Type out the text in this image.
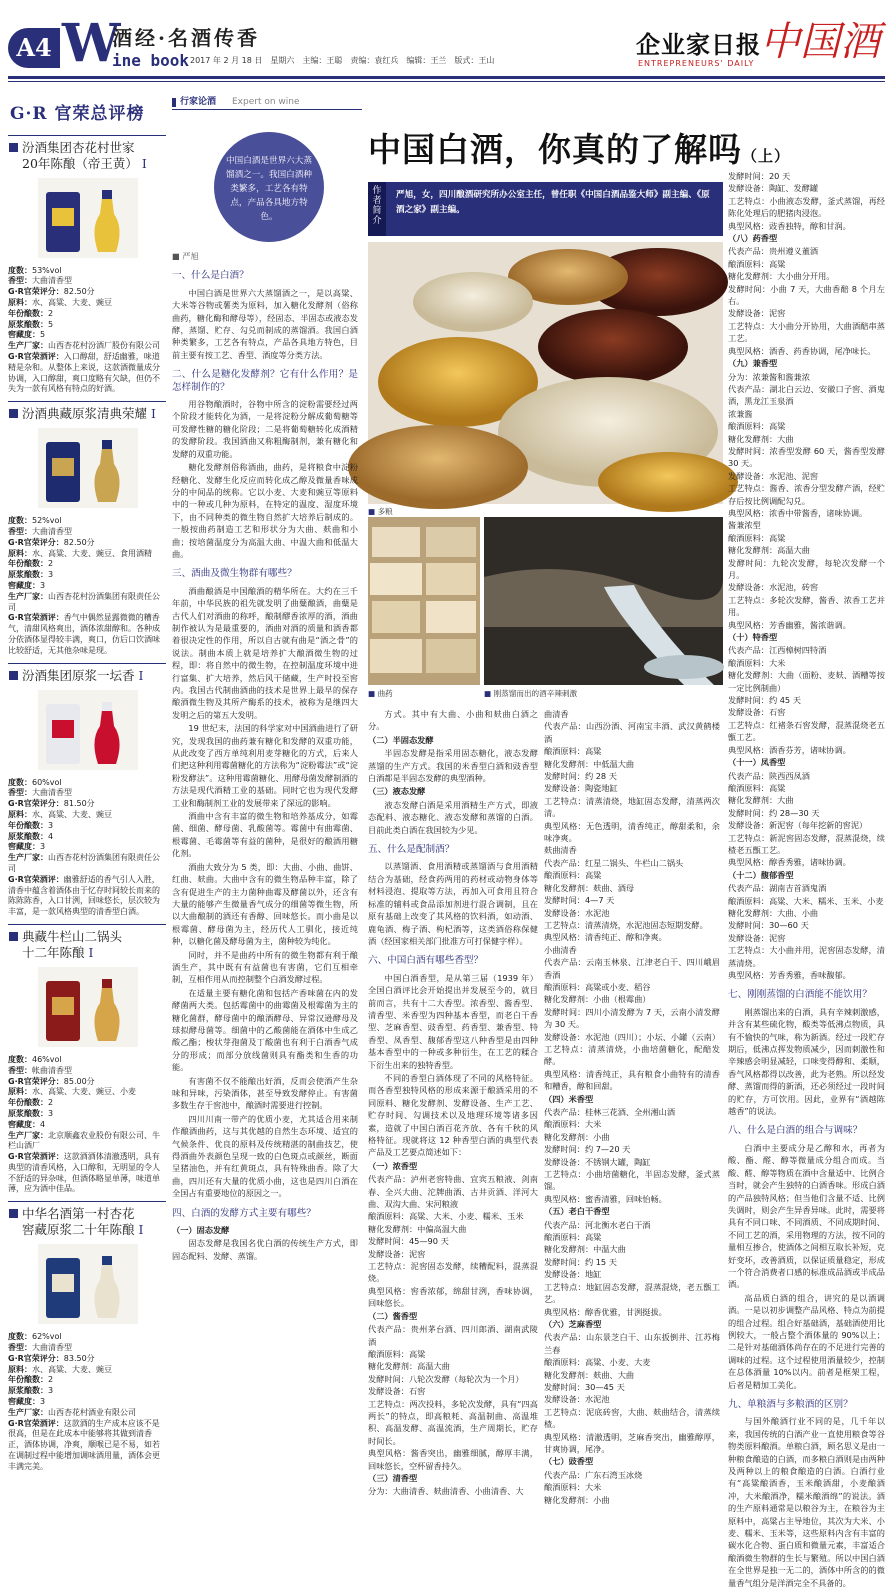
A4 W
酒经·名酒传香
ine book 2017 年 2 月 18 日 星期六 主编：王聪 责编：袁红兵 编辑：王兰 版式：王山
企业家日报
ENTREPRENEURS' DAILY 中国酒
G·R 官荣总评榜
汾酒集团杏花村世家
20年陈酿（帝王黄） I
度数：53%vol
香型：大曲清香型
G·R官荣评分：82.50分
原料：水、高粱、大麦、豌豆
年份酿数：2
原浆酿数：5
窖藏度：5
生产厂家：山西杏花村汾酒厂股份有限公司
G·R官荣酒评：入口醇甜，舒适幽雅，味道精是杂和。从整体上来说，这款酒微量成分协调，入口醇甜，爽口度略有欠缺，但仍不失为一款有风格有特点的好酒。
汾酒典藏原浆清典荣耀 I
度数：52%vol
香型：大曲清香型
G·R官荣评分：82.50分
原料：水、高粱、大麦、豌豆、食用酒精
年份酿数：2
原浆酿数：3
窖藏度：3
生产厂家：山西杏花村汾酒集团有限责任公司
G·R官荣酒评：香气中偶然显露微微的糟香气，清甜风格爽出，酒体浓甜醇和。各种成分依酒体显得较丰满，爽口，仿后口饮酒味比较舒适，无其他杂味是现。
汾酒集团原浆一坛香 I
度数：60%vol
香型：大曲清香型
G·R官荣评分：81.50分
原料：水、高粱、大麦、豌豆
年份酿数：3
原浆酿数：4
窖藏度：3
生产厂家：山西杏花村汾酒集团有限责任公司
G·R官荣酒评：幽雅舒适的香气引人入胜，清香中蕴含着酒体由于忆存时间较长而来的陈陈陈香，入口甘洌，回味悠长，层次较为丰富，是一款风格典型的清香型白酒。
典藏牛栏山二锅头
十二年陈酿 I
度数：46%vol
香型：帐曲清香型
G·R官荣评分：85.00分
原料：水、高粱、大麦、豌豆、小麦
年份酿数：2
原浆酿数：3
窖藏度：4
生产厂家：北京顺鑫农业股份有限公司、牛栏山酒厂
G·R官荣酒评：这款酒酒体清澈透明，具有典型的清香风格，入口醇和，无明显的令人不舒适的异杂味，但酒体略显单薄，味道单薄，应为酒中佳品。
中华名酒第一村杏花
窖藏原浆二十年陈酿 I
度数：62%vol
香型：大曲清香型
G·R官荣评分：83.50分
原料：水、高粱、大麦、豌豆
年份酿数：2
原浆酿数：3
窖藏度：3
生产厂家：山西杏花村酒业有限公司
G·R官荣酒评：这款酒的生产成本应该不是很高，但是在此成本中能够将其做到清香正，酒体协调，净爽，顺喉已是不易，如若在调制过程中能增加调味酒用量，酒体会更丰满完美。
行家论酒 Expert on wine
中国白酒是世界六大蒸馏酒之一。我国白酒种类繁多，工艺各有特点，产品各具地方特色。
中国白酒，你真的了解吗（上）
作者简介
严旭，女，四川酿酒研究所办公室主任，曾任职《中国白酒品鉴大师》副主编、《原酒之家》副主编。
■ 多粮
■ 曲药
■	刚蒸馏而出的酒辛辣刺激

■ 严旭

一、什么是白酒？

中国白酒是世界六大蒸馏酒之一，是以高粱、大米等谷物或薯类为原料，加入糖化发酵剂（俗称曲药，糖化酶和酵母等），经固态、半固态或液态发酵，蒸馏、贮存、勾兑而制成的蒸馏酒。我国白酒种类繁多，工艺各有特点，产品各具地方特色，目前主要有按工艺、香型、酒度等分类方法。

二、什么是糖化发酵剂？它有什么作用？是怎样制作的？

用谷物酿酒时，谷物中所含的淀粉需要经过两个阶段才能转化为酒，一是将淀粉分解成葡萄糖等可发酵性糖的糖化阶段；二是将葡萄糖转化成酒精的发酵阶段。我国酒曲又称粗酶制剂，兼有糖化和发酵的双重功能。

糖化发酵剂俗称酒曲，曲药，是将粮食中淀粉经糖化、发酵生化反应而转化成乙醇及微量香味成分的中间品的统称。它以小麦、大麦和豌豆等原料中的一种或几种为原料，在特定的温度、湿度环境下，由不同种类的微生物自然扩大培养后制成的。一般按曲药制造工艺和形状分为大曲、麸曲和小曲；按培菌温度分为高温大曲、中温大曲和低温大曲。

三、酒曲及微生物群有哪些？

酒曲酿酒是中国酿酒的精华所在。大约在三千年前，中华民族的祖先就发明了曲糵酿酒，曲糵是古代人们对酒曲的称呼，酿制醪香浓厚的酒，酒曲制作被认为是最重要的，酒曲对酒的质量和酒香都着很决定性的作用，所以自古就有曲是“酒之骨”的说法。制曲本质上就是培养扩大酿酒微生物的过程，即：将自然中的微生物，在控制温度环境中进行富集、扩大培养，然后风干储藏，生产时投至窖内。我国古代制曲酒曲的技术是世界上最早的保存酿酒微生物及其所产酶系的技术，被称为是继四大发明之后的第五大发明。

19 世纪末，法国的科学家对中国酒曲进行了研究，发现我国的曲药兼有糖化和发酵的双重功能，从此改变了西方单纯利用麦芽糖化的方式，后来人们把这种利用霉菌糖化的方法称为“淀粉霉法”或“淀粉发酵法”。这种用霉菌糖化、用酵母菌发酵制酒的方法是现代酒精工业的基础。同时它也为现代发酵工业和酶制剂工业的发展带来了深远的影响。

酒曲中含有丰富的微生物和培养基成分，如霉菌、细菌、酵母菌、乳酸菌等。霉菌中有曲霉菌、根霉菌、毛霉菌等有益的菌种，是很好的酿酒用糖化剂。

酒曲大致分为 5 类，即：大曲、小曲、曲饼、红曲、麸曲。大曲中含有的微生物品种丰富，除了含有促进生产的主力菌种曲霉及酵菌以外，还含有大量的能够产生微量香气成分的细菌等微生物，所以大曲酿制的酒还有香醇、回味悠长。而小曲是以根霉菌、酵母菌为主，经历代人工驯化，接近纯种，以糖化菌及酵母菌为主，菌种较为纯化。

同时，并不是曲药中所有的微生物都有利于酿酒生产，其中既有有益菌也有害菌，它们互相牵制，互相作用从而控制整个白酒发酵过程。

在适量主要有糖化菌和包括产香味菌在内的发酵菌两大类。包括霉菌中的曲霉菌及根霉菌为主的糖化菌群，酵母菌中的酿酒酵母、异常汉逊酵母及球拟酵母菌等。细菌中的乙酸菌能在酒体中生成乙酸乙酯；梭状芽孢菌及丁酸菌也有利于白酒香气成分的形成；而部分放线菌则具有酯类和生香的功能。

有害菌不仅不能酿出好酒，反而会使酒产生杂味和异味，污染酒体，甚至导致发酵停止。有害菌多数生存于窖池中，酿酒时需要进行控制。

四川川南一带产的优质小麦，尤其适合用来制作酿酒曲药，这与其优越的自然生态环境、适宜的气候条件、优良的原料及传统精湛的制曲技艺，使得酒曲外表颜色呈现一致的白色斑点或颜丝，断面呈猪油色，并有红黄斑点，具有特殊曲香。除了大曲，四川还有大量的优质小曲，这也是四川白酒在全国占有重要地位的原因之一。

四、白酒的发酵方式主要有哪些？

（一）固态发酵

固态发酵是我国名优白酒的传统生产方式，即固态配料、发酵、蒸馏。

方式。其中有大曲、小曲和麸曲白酒之分。

（二）半固态发酵

半固态发酵是指采用固态糖化，液态发酵蒸馏的生产方式。我国的米香型白酒和豉香型白酒都是半固态发酵的典型酒种。

（三）液态发酵

液态发酵白酒是采用酒精生产方式，即液态配料、液态糖化、液态发酵和蒸馏的白酒。目前此类白酒在我国较为少见。

五、什么是配制酒？

以蒸馏酒、食用酒精或蒸馏酒与食用酒精结合为基础，经食药两用的药材或动物身体等材料浸泡、提取等方法，再加入可食用且符合标准的辅料或食品添加剂进行混合调制，且在原有基础上改变了其风格的饮料酒，如动酒、鹿龟酒、梅子酒、枸杞酒等，这类酒俗称保健酒（经国家相关部门批准方可打保健字样）。

六、中国白酒有哪些香型？

中国白酒香型，是从第三届（1939 年）全国白酒评比会开始提出并发展至今的，就目前而言，共有十二大香型。浓香型、酱香型、清香型、米香型为四种基本香型，而老白干香型、芝麻香型、豉香型、药香型、兼香型、特香型、凤香型、馥郁香型这八种香型是由四种基本香型中的一种或多种衍生，在工艺的糅合下衍生出来的独特香型。

不同的香型白酒体现了不同的风格特征。而各香型独特风格的形成来源于酿酒采用的不同原料、糖化发酵剂、发酵设备、生产工艺、贮存时间、勾调技术以及地理环境等诸多因素，造就了中国白酒百花齐放、各有千秋的风格特征。现就将这 12 种香型白酒的典型代表产品及工艺要点简述如下：

（一）浓香型

代表产品：泸州老窖特曲、宜宾五粮液、剑南春、全兴大曲、沱牌曲酒、古井贡酒、洋河大曲、双沟大曲、宋河粮液

酿酒原料：高粱、大米、小麦、糯米、玉米

糖化发酵剂：中偏高温大曲

发酵时间：45—90 天

发酵设备：泥窖

工艺特点：泥窖固态发酵，续糟配料，混蒸混烧。

典型风格：窖香浓郁，绵甜甘洌，香味协调，回味悠长。

（二）酱香型

代表产品：贵州茅台酒、四川郎酒、湖南武陵酒

酿酒原料：高粱

糖化发酵剂：高温大曲

发酵时间：八轮次发酵（每轮次为一个月）

发酵设备：石窖

工艺特点：两次投料，多轮次发酵，具有“四高两长”的特点，即高粮耗、高温制曲、高温堆积、高温发酵、高温流酒，生产周期长，贮存时间长。

典型风格：酱香突出，幽雅细腻，醇厚丰满，回味悠长，空杯留香持久。

（三）清香型

分为：大曲清香、麸曲清香、小曲清香、大

曲清香

代表产品：山西汾酒、河南宝丰酒、武汉黄鹤楼酒

酿酒原料：高粱

糖化发酵剂：中低温大曲

发酵时间：约 28 天

发酵设备：陶瓷地缸

工艺特点：清蒸清烧，地缸固态发酵，清蒸两次清。

典型风格：无色透明，清香纯正，醇甜柔和，余味净爽。

麸曲清香

代表产品：红星二锅头、牛栏山二锅头

酿酒原料：高粱

糖化发酵剂：麸曲、酒母

发酵时间：4—7 天

发酵设备：水泥池

工艺特点：清蒸清烧，水泥池固态短期发酵。

典型风格：清香纯正、醇和净爽。

小曲清香

代表产品：云南玉林泉、江津老白干、四川峨眉香酒

酿酒原料：高粱或小麦、稻谷

糖化发酵剂：小曲（根霉曲）

发酵时间：四川小清发酵为 7 天，云南小清发酵为 30 天。

发酵设备：水泥池（四川）；小坛、小罐（云南）

工艺特点：清蒸清烧，小曲培菌糖化，配醅发酵。

典型风格：清香纯正，具有粮食小曲特有的清香和糟香，醇和回甜。

（四）米香型

代表产品：桂林三花酒、全州湘山酒

酿酒原料：大米

糖化发酵剂：小曲

发酵时间：约 7—20 天

发酵设备：不锈钢大罐，陶缸

工艺特点：小曲培菌糖化，半固态发酵，釜式蒸馏。

典型风格：蜜香清雅，回味怡畅。

（五）老白干香型

代表产品：河北衡水老白干酒

酿酒原料：高粱

糖化发酵剂：中温大曲

发酵时间：约 15 天

发酵设备：地缸

工艺特点：地缸固态发酵，混蒸混烧，老五甑工艺。

典型风格：醇香优雅，甘洌挺拔。

（六）芝麻香型

代表产品：山东景芝白干、山东扳倒井、江苏梅兰春

酿酒原料：高粱、小麦、大麦

糖化发酵剂：麸曲、大曲

发酵时间：30—45 天

发酵设备：水泥池

工艺特点：泥底砖窖，大曲、麸曲结合，清蒸续楂。

典型风格：清澈透明，芝麻香突出，幽雅醇厚，甘爽协调，尾净。

（七）豉香型

代表产品：广东石湾玉冰烧

酿酒原料：大米

糖化发酵剂：小曲

发酵时间：20 天

发酵设备：陶缸、发酵罐

工艺特点：小曲液态发酵，釜式蒸馏，再经陈化处理后的肥猪肉浸泡。

典型风格：豉香独特，醇和甘润。

（八）药香型

代表产品：贵州遵义董酒

酿酒原料：高粱

糖化发酵剂：大小曲分开用。

发酵时间：小曲 7 天，大曲香醅 8 个月左右。

发酵设备：泥窖

工艺特点：大小曲分开协用，大曲酒醅串蒸工艺。

典型风格：酒香、药香协调，尾净味长。

（九）兼香型

分为：浓兼酱和酱兼浓

代表产品：湖北白云边、安徽口子窖、酒鬼酒，黑龙江玉泉酒

浓兼酱

酿酒原料：高粱

糖化发酵剂：大曲

发酵时间：浓香型发酵 60 天，酱香型发酵 30 天。

发酵设备：水泥池、泥窖

工艺特点：酱香、浓香分型发酵产酒，经贮存后按比例调配勾兑。

典型风格：浓香中带酱香，诸味协调。

酱兼浓型

酿酒原料：高粱

糖化发酵剂：高温大曲

发酵时间：九轮次发酵，每轮次发酵一个月。

发酵设备：水泥池，砖窖

工艺特点：多轮次发酵，酱香、浓香工艺并用。

典型风格：芳香幽雅，酱浓谐调。

（十）特香型

代表产品：江西樟树四特酒

酿酒原料：大米

糖化发酵剂：大曲（面粉、麦麸、酒糟等按一定比例制曲）

发酵时间：约 45 天

发酵设备：石窖

工艺特点：红褚条石窖发酵，混蒸混烧老五甑工艺。

典型风格：酒香芬芳，诸味协调。

（十一）凤香型

代表产品：陕西西凤酒

酿酒原料：高粱

糖化发酵剂：大曲

发酵时间：约 28—30 天

发酵设备：新泥窖（每年挖新的窖泥）

工艺特点：新泥窖固态发酵，混蒸混烧，续楂老五甑工艺。

典型风格：醇香秀雅，诸味协调。

（十二）馥郁香型

代表产品：湖南吉首酒鬼酒

酿酒原料：高粱、大米、糯米、玉米、小麦

糖化发酵剂：大曲、小曲

发酵时间：30—60 天

发酵设备：泥窖

工艺特点：大小曲并用，泥窖固态发酵，清蒸清烧。

典型风格：芳香秀雅，香味馥郁。

七、刚刚蒸馏的白酒能不能饮用？

刚蒸馏出来的白酒，具有辛辣刺激感，并含有某些硫化物，酸类等低沸点物质，具有不愉快的气味，称为新酒。经过一段贮存期后，低沸点挥发物质减少，因而刺激性和辛辣感会明显减轻，口味变得醇和、柔顺，香气风格都得以改善，此为老熟。所以经发酵、蒸馏而得的新酒，还必须经过一段时间的贮存，方可饮用。因此，业界有“酒越陈越香”的说法。

八、什么是白酒的组合与调味？

白酒中主要成分是乙醇和水，再者为酸、酯、醛、醇等微量成分组合而成。当酸、醛、醇等物质在酒中含量适中、比例合当时，就会产生独特的白酒香味。形成白酒的产品独特风格；但当他们含量不适、比例失调时，则会产生异香异味。此时，需要将具有不同口味、不同酒质、不同成期时间、不同工艺的酒，采用物理的方法，按不同的量相互掺合，使酒体之间相互取长补短，克好变坏，改善酒质，以保证质量稳定，形成一个符合消费者口感的标准成品酒或半成品酒。

高品质白酒的组合，讲究的是以酒调酒。一是以初步调整产品风格、特点为前提的组合过程。组合好基础酒，基础酒使用比例较大，一般占整个酒体量的 90%以上；二是针对基础酒体尚存在的不足进行完善的调味的过程。这个过程使用酒量较少，控制在总体酒量 10%以内。前者是框架工程，后者是精加工美化。

九、单粮酒与多粮酒的区别？

与国外酿酒行业不同的是，几千年以来，我国传统的白酒产业一直使用粮食等谷物类原料酿酒。单粮白酒，顾名思义是由一种粮食酿造的白酒，而多粮白酒则是由两种及两种以上的粮食酿造的白酒。白酒行业有“高粱酿酒香，玉米酿酒甜，小麦酿酒冲，大米酿酒净，糯米酿酒绵”的说法。酒的生产原料通常是以粮谷为主，在粮谷为主原料中，高粱占主导地位，其次为大米、小麦、糯米、玉米等，这些原料内含有丰富的碳水化合物、蛋白质和微量元素，丰富适合酿酒微生物群的生长与繁殖。所以中国白酒在全世界是独一无二的，酒体中所含的的微量香气组分是洋酒完全不具备的。
